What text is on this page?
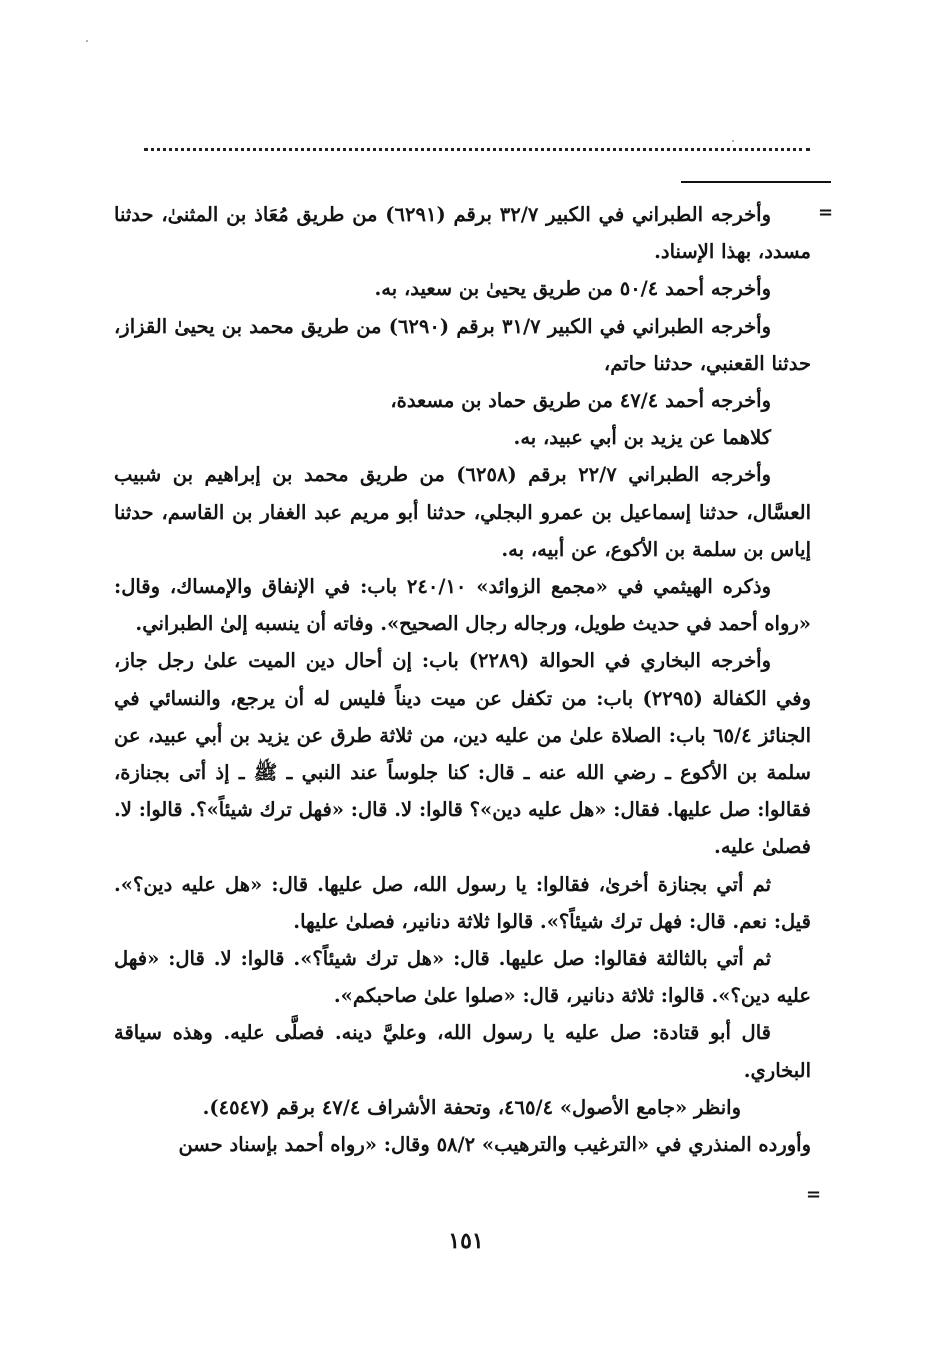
=

وأخرجه الطبراني في الكبير ٣٢/٧ برقم (٦٢٩١) من طريق مُعَاذ بن المثنىٰ، حدثنا مسدد، بهذا الإسناد.

وأخرجه أحمد ٥٠/٤ من طريق يحيىٰ بن سعيد، به.

وأخرجه الطبراني في الكبير ٣١/٧ برقم (٦٢٩٠) من طريق محمد بن يحيىٰ القزاز، حدثنا القعنبي، حدثنا حاتم،

وأخرجه أحمد ٤٧/٤ من طريق حماد بن مسعدة،

كلاهما عن يزيد بن أبي عبيد، به.

وأخرجه الطبراني ٢٢/٧ برقم (٦٢٥٨) من طريق محمد بن إبراهيم بن شبيب العسَّال، حدثنا إسماعيل بن عمرو البجلي، حدثنا أبو مريم عبد الغفار بن القاسم، حدثنا إياس بن سلمة بن الأكوع، عن أبيه، به.

وذكره الهيثمي في «مجمع الزوائد» ٢٤٠/١٠ باب: في الإنفاق والإمساك، وقال: «رواه أحمد في حديث طويل، ورجاله رجال الصحيح». وفاته أن ينسبه إلىٰ الطبراني.

وأخرجه البخاري في الحوالة (٢٢٨٩) باب: إن أحال دين الميت علىٰ رجل جاز، وفي الكفالة (٢٢٩٥) باب: من تكفل عن ميت ديناً فليس له أن يرجع، والنسائي في الجنائز ٦٥/٤ باب: الصلاة علىٰ من عليه دين، من ثلاثة طرق عن يزيد بن أبي عبيد، عن سلمة بن الأكوع ـ رضي الله عنه ـ قال: كنا جلوساً عند النبي ـ ﷺ ـ إذ أتى بجنازة، فقالوا: صل عليها. فقال: «هل عليه دين»؟ قالوا: لا. قال: «فهل ترك شيئاً»؟. قالوا: لا. فصلىٰ عليه.

ثم أتي بجنازة أخرىٰ، فقالوا: يا رسول الله، صل عليها. قال: «هل عليه دين؟». قيل: نعم. قال: فهل ترك شيئاً؟». قالوا ثلاثة دنانير، فصلىٰ عليها.

ثم أتي بالثالثة فقالوا: صل عليها. قال: «هل ترك شيئاً؟». قالوا: لا. قال: «فهل عليه دين؟». قالوا: ثلاثة دنانير، قال: «صلوا علىٰ صاحبكم».

قال أبو قتادة: صل عليه يا رسول الله، وعليَّ دينه. فصلَّى عليه. وهذه سياقة البخاري.

وانظر «جامع الأصول» ٤٦٥/٤، وتحفة الأشراف ٤٧/٤ برقم (٤٥٤٧).

وأورده المنذري في «الترغيب والترهيب» ٥٨/٢ وقال: «رواه أحمد بإسناد حسن

=
١٥١
